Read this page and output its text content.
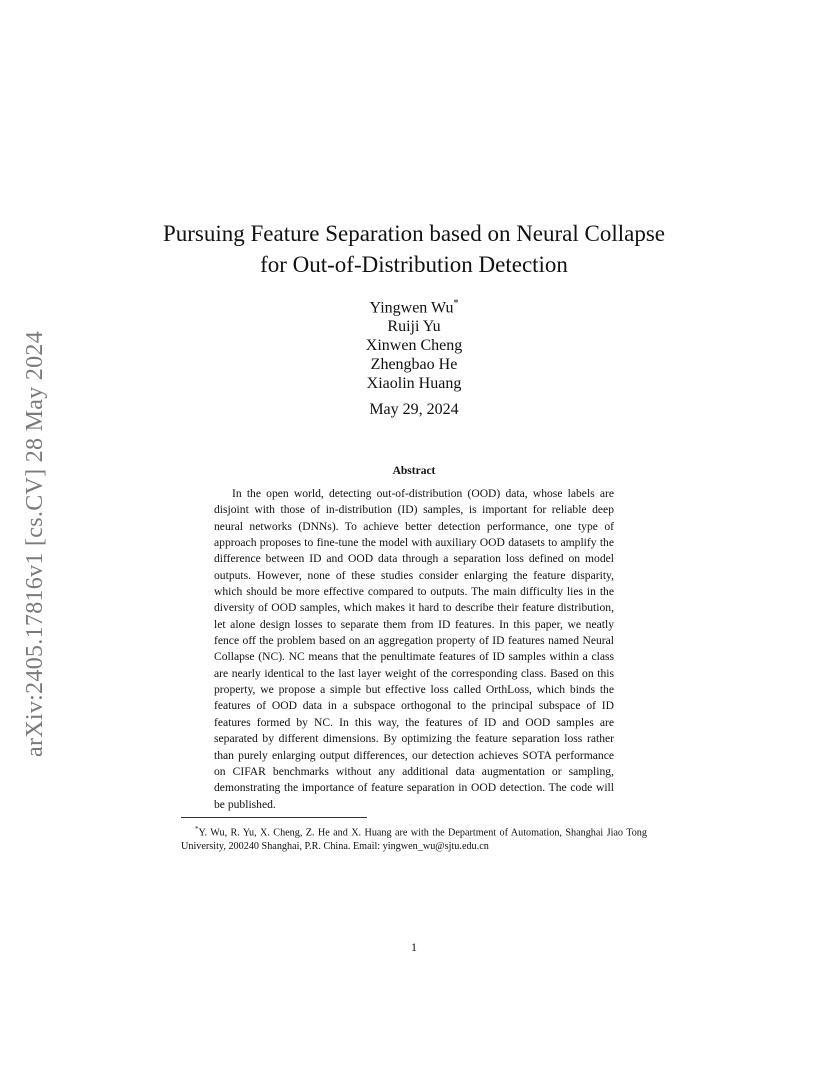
arXiv:2405.17816v1 [cs.CV] 28 May 2024
Pursuing Feature Separation based on Neural Collapse for Out-of-Distribution Detection
Yingwen Wu*
Ruiji Yu
Xinwen Cheng
Zhengbao He
Xiaolin Huang
May 29, 2024
Abstract

In the open world, detecting out-of-distribution (OOD) data, whose labels are disjoint with those of in-distribution (ID) samples, is important for reliable deep neural networks (DNNs). To achieve better detection performance, one type of approach proposes to fine-tune the model with auxiliary OOD datasets to amplify the difference between ID and OOD data through a separation loss defined on model outputs. However, none of these studies consider enlarging the feature disparity, which should be more effective compared to outputs. The main difficulty lies in the diversity of OOD samples, which makes it hard to describe their feature distribution, let alone design losses to separate them from ID features. In this paper, we neatly fence off the problem based on an aggregation property of ID features named Neural Collapse (NC). NC means that the penultimate features of ID samples within a class are nearly identical to the last layer weight of the corresponding class. Based on this property, we propose a simple but effective loss called OrthLoss, which binds the features of OOD data in a subspace orthogonal to the principal subspace of ID features formed by NC. In this way, the features of ID and OOD samples are separated by different dimensions. By optimizing the feature separation loss rather than purely enlarging output differences, our detection achieves SOTA performance on CIFAR benchmarks without any additional data augmentation or sampling, demonstrating the importance of feature separation in OOD detection. The code will be published.

*Y. Wu, R. Yu, X. Cheng, Z. He and X. Huang are with the Department of Automation, Shanghai Jiao Tong University, 200240 Shanghai, P.R. China. Email: yingwen_wu@sjtu.edu.cn

1
